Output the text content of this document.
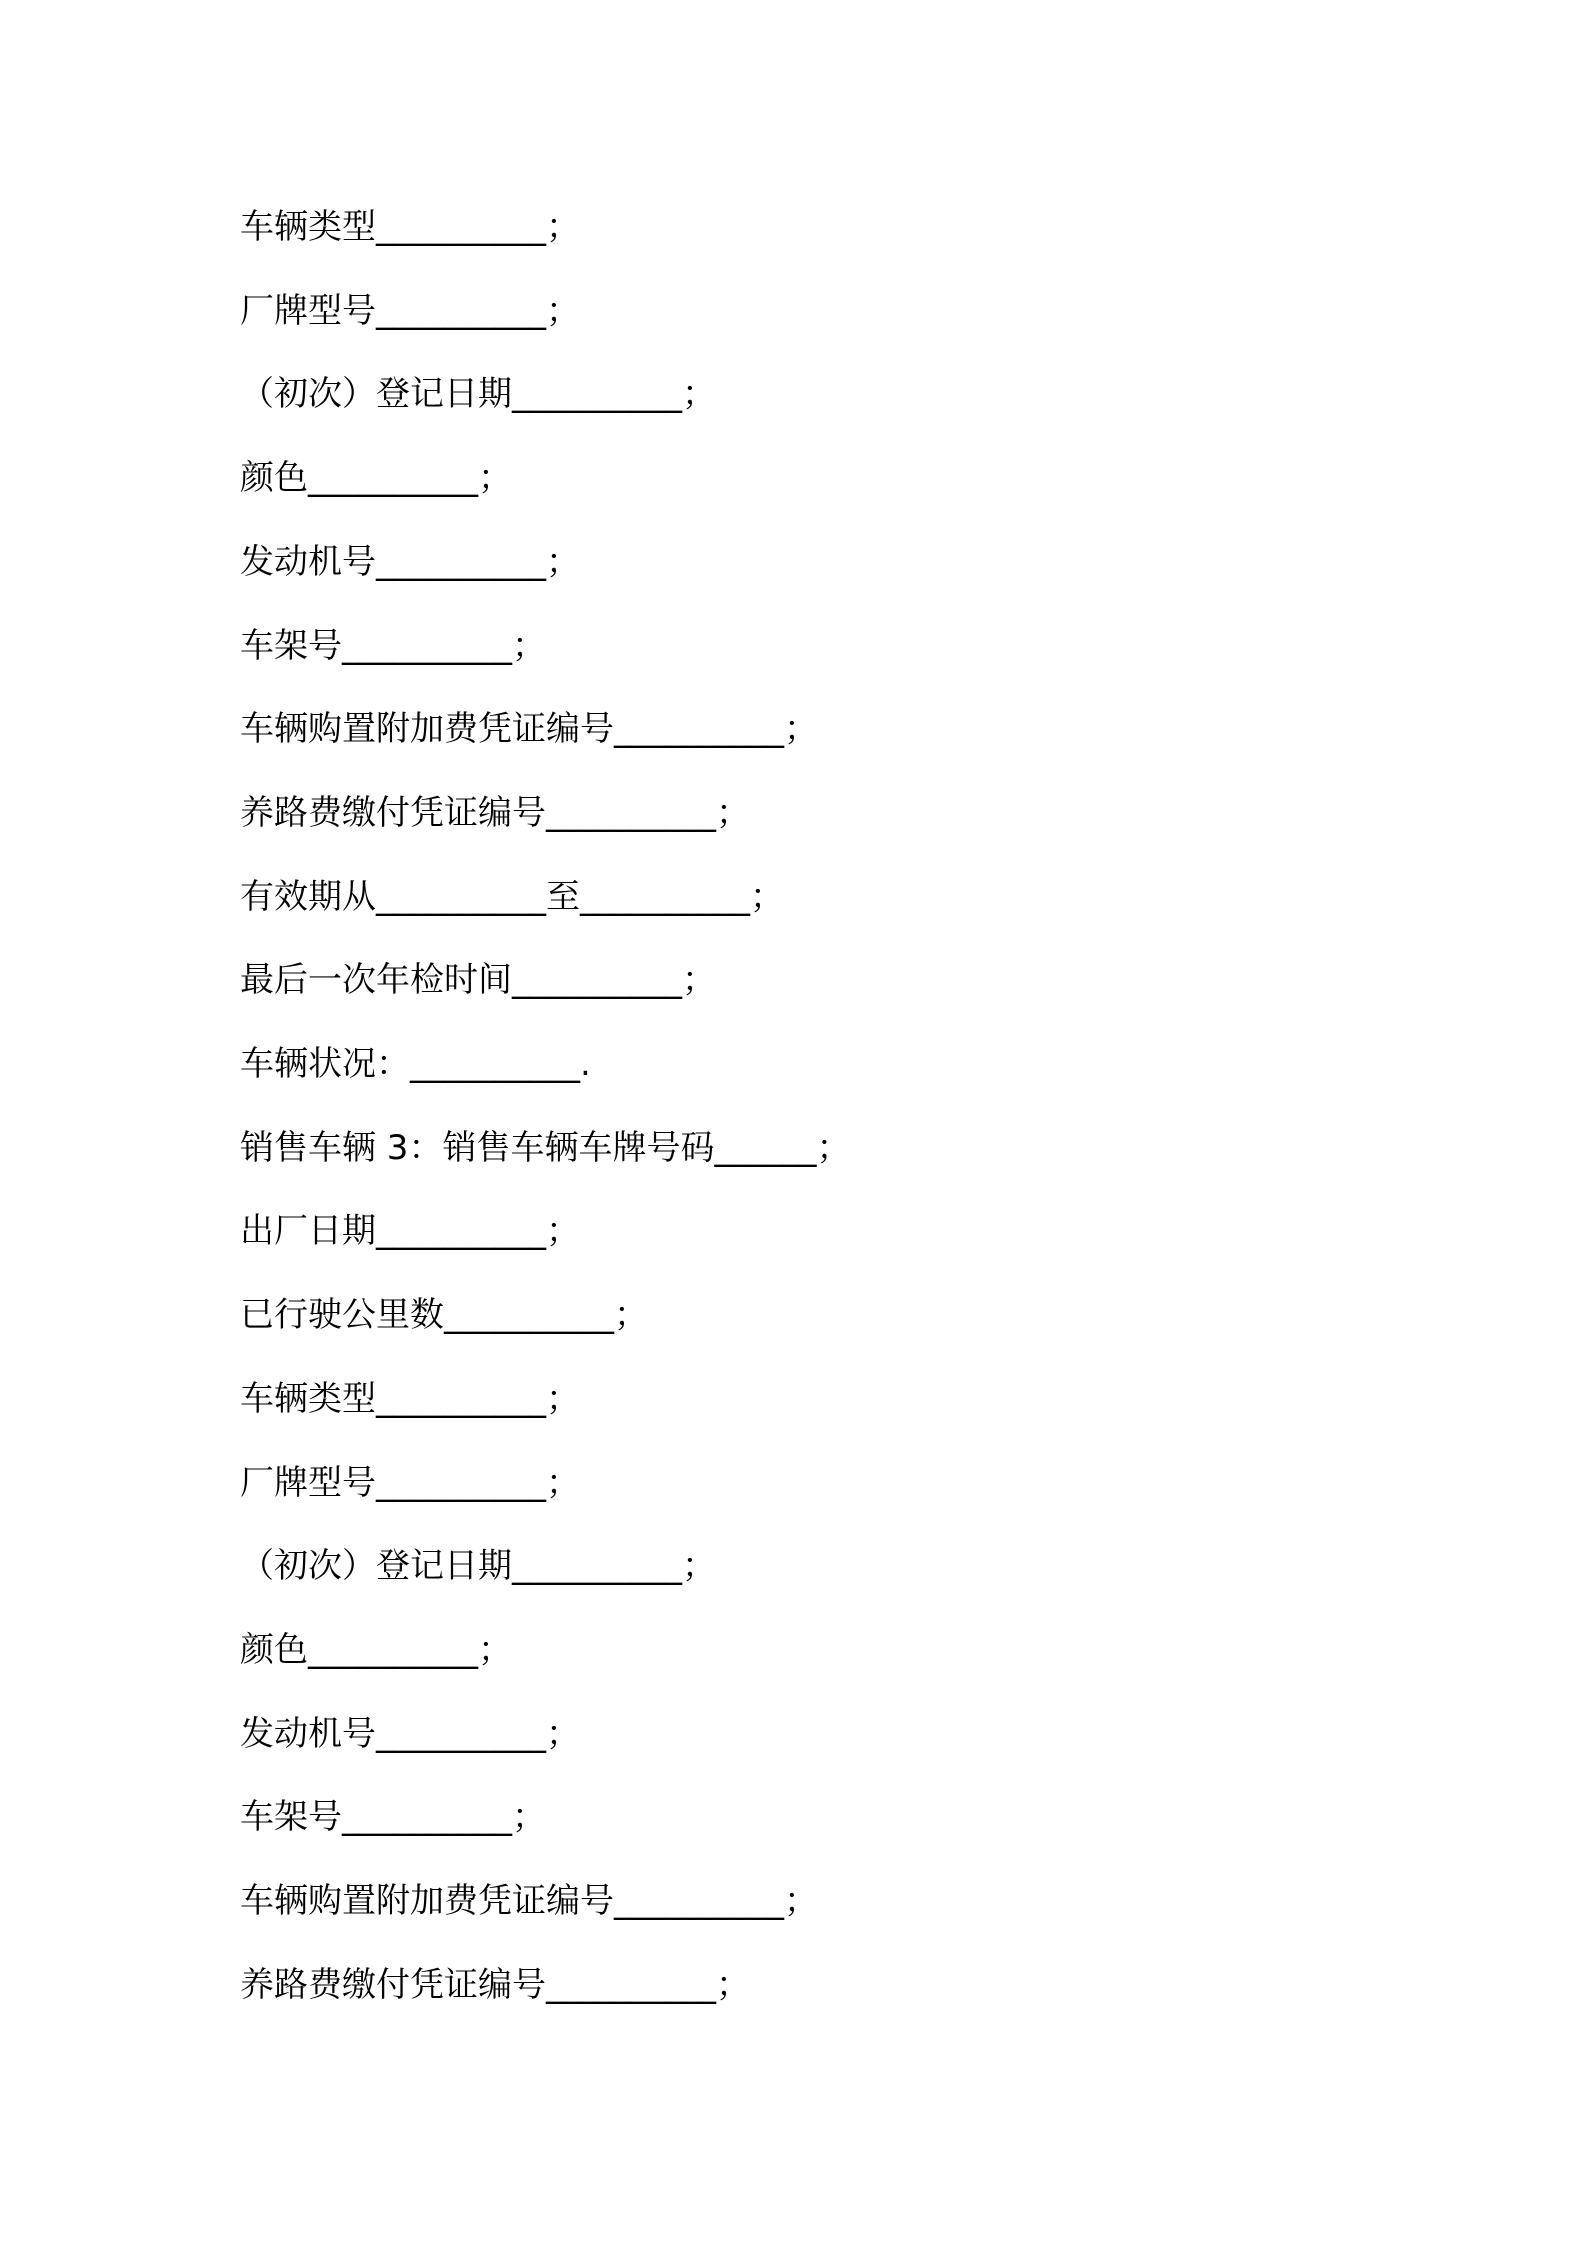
车辆类型__________；
厂牌型号__________；
（初次）登记日期__________；
颜色__________；
发动机号__________；
车架号__________；
车辆购置附加费凭证编号__________；
养路费缴付凭证编号__________；
有效期从__________至__________；
最后一次年检时间__________；
车辆状况：__________.
销售车辆 3：销售车辆车牌号码______；
出厂日期__________；
已行驶公里数__________；
车辆类型__________；
厂牌型号__________；
（初次）登记日期__________；
颜色__________；
发动机号__________；
车架号__________；
车辆购置附加费凭证编号__________；
养路费缴付凭证编号__________；
